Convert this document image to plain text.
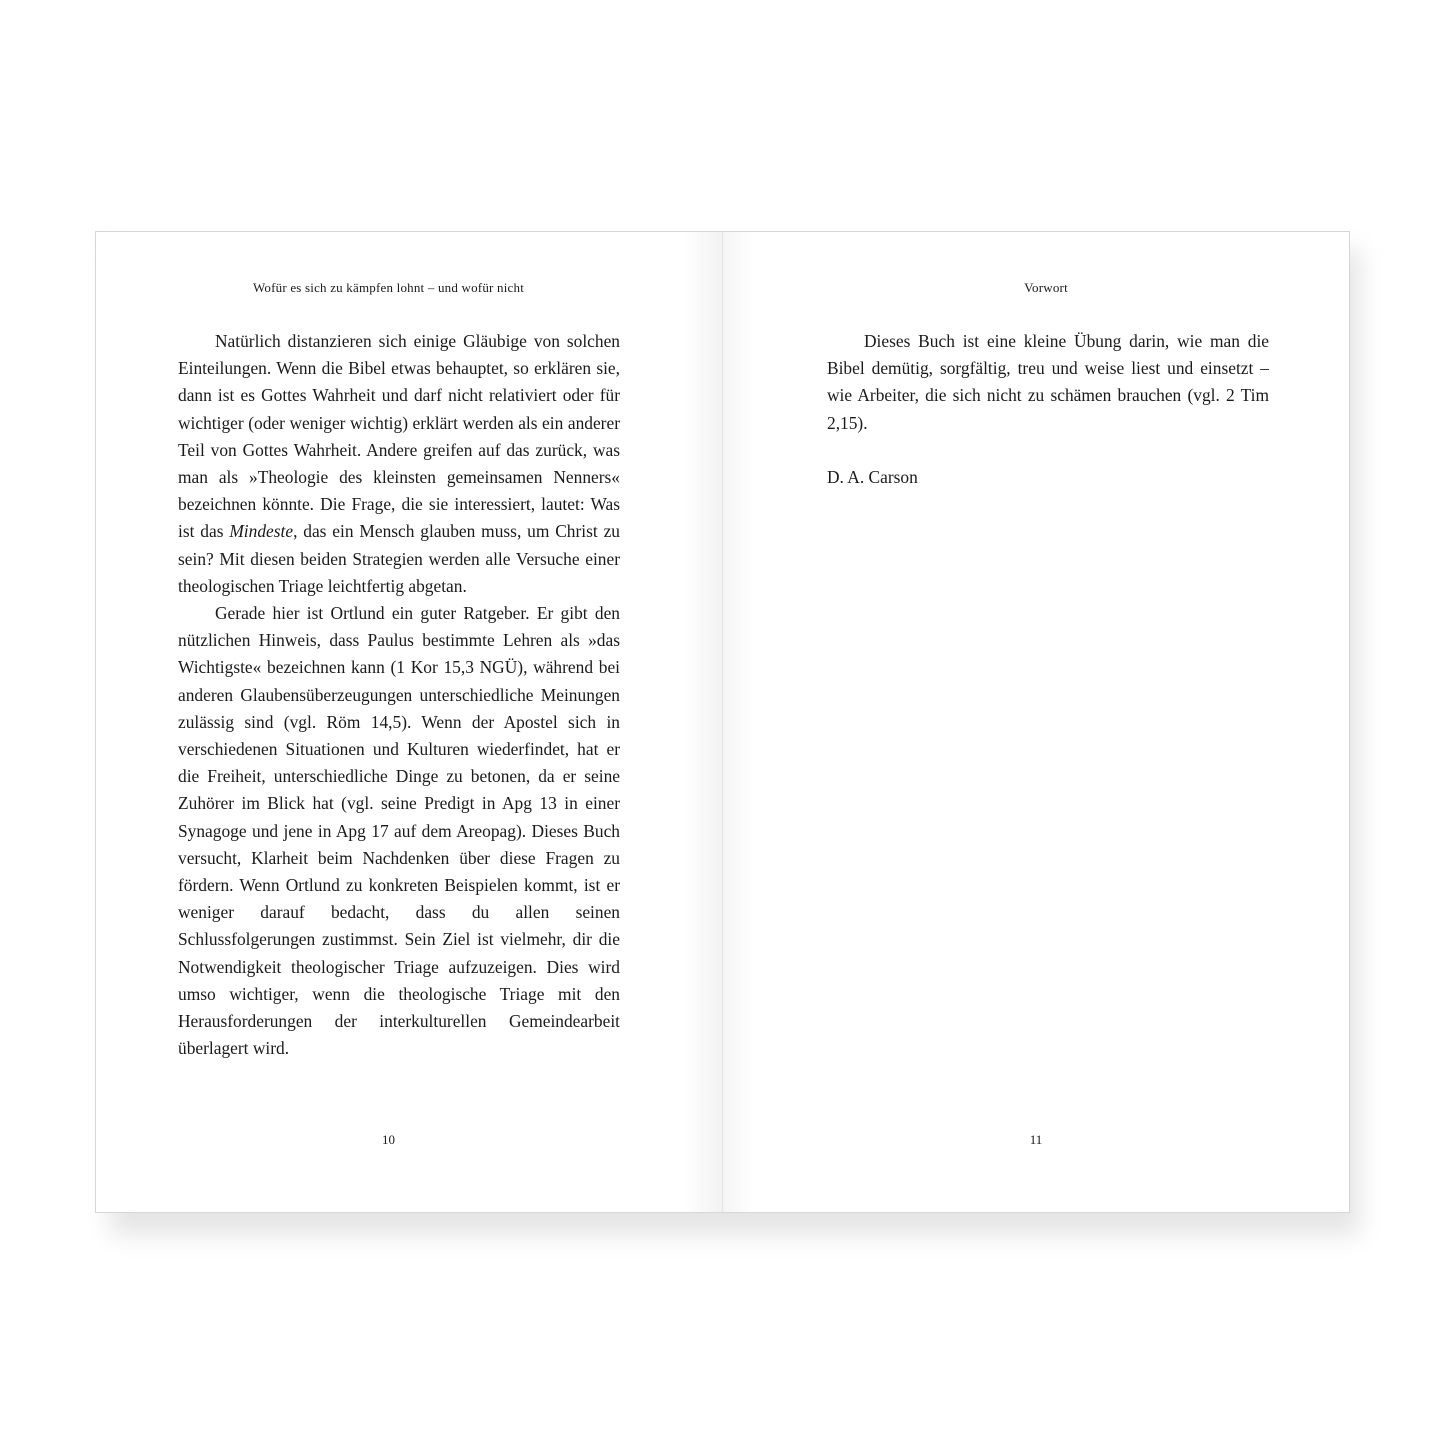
Wofür es sich zu kämpfen lohnt – und wofür nicht

Natürlich distanzieren sich einige Gläubige von solchen Einteilungen. Wenn die Bibel etwas behauptet, so erklären sie, dann ist es Gottes Wahrheit und darf nicht relativiert oder für wichtiger (oder weniger wichtig) erklärt werden als ein anderer Teil von Gottes Wahrheit. Andere greifen auf das zurück, was man als »Theologie des kleinsten gemeinsamen Nenners« bezeichnen könnte. Die Frage, die sie interessiert, lautet: Was ist das Mindeste, das ein Mensch glauben muss, um Christ zu sein? Mit diesen beiden Strategien werden alle Versuche einer theologischen Triage leichtfertig abgetan.

Gerade hier ist Ortlund ein guter Ratgeber. Er gibt den nützlichen Hinweis, dass Paulus bestimmte Lehren als »das Wichtigste« bezeichnen kann (1 Kor 15,3 NGÜ), während bei anderen Glaubensüberzeugungen unterschiedliche Meinungen zulässig sind (vgl. Röm 14,5). Wenn der Apostel sich in verschiedenen Situationen und Kulturen wiederfindet, hat er die Freiheit, unterschiedliche Dinge zu betonen, da er seine Zuhörer im Blick hat (vgl. seine Predigt in Apg 13 in einer Synagoge und jene in Apg 17 auf dem Areopag). Dieses Buch versucht, Klarheit beim Nachdenken über diese Fragen zu fördern. Wenn Ortlund zu konkreten Beispielen kommt, ist er weniger darauf bedacht, dass du allen seinen Schlussfolgerungen zustimmst. Sein Ziel ist vielmehr, dir die Notwendigkeit theologischer Triage aufzuzeigen. Dies wird umso wichtiger, wenn die theologische Triage mit den Herausforderungen der interkulturellen Gemeindearbeit überlagert wird.

10
Vorwort

Dieses Buch ist eine kleine Übung darin, wie man die Bibel demütig, sorgfältig, treu und weise liest und einsetzt – wie Arbeiter, die sich nicht zu schämen brauchen (vgl. 2 Tim 2,15).

D. A. Carson
11
